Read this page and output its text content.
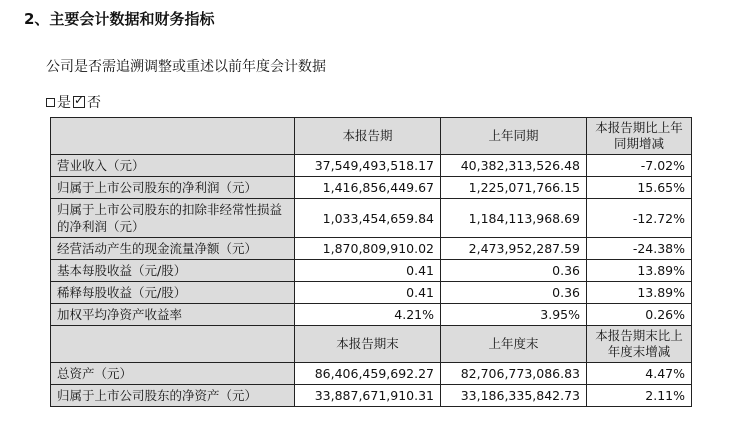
2、主要会计数据和财务指标
公司是否需追溯调整或重述以前年度会计数据
是 ✓ 否
	本报告期	上年同期	本报告期比上年同期增减
营业收入（元）	37,549,493,518.17	40,382,313,526.48	-7.02%
归属于上市公司股东的净利润（元）	1,416,856,449.67	1,225,071,766.15	15.65%
归属于上市公司股东的扣除非经常性损益的净利润（元）	1,033,454,659.84	1,184,113,968.69	-12.72%
经营活动产生的现金流量净额（元）	1,870,809,910.02	2,473,952,287.59	-24.38%
基本每股收益（元/股）	0.41	0.36	13.89%
稀释每股收益（元/股）	0.41	0.36	13.89%
加权平均净资产收益率	4.21%	3.95%	0.26%
	本报告期末	上年度末	本报告期末比上年度末增减
总资产（元）	86,406,459,692.27	82,706,773,086.83	4.47%
归属于上市公司股东的净资产（元）	33,887,671,910.31	33,186,335,842.73	2.11%
